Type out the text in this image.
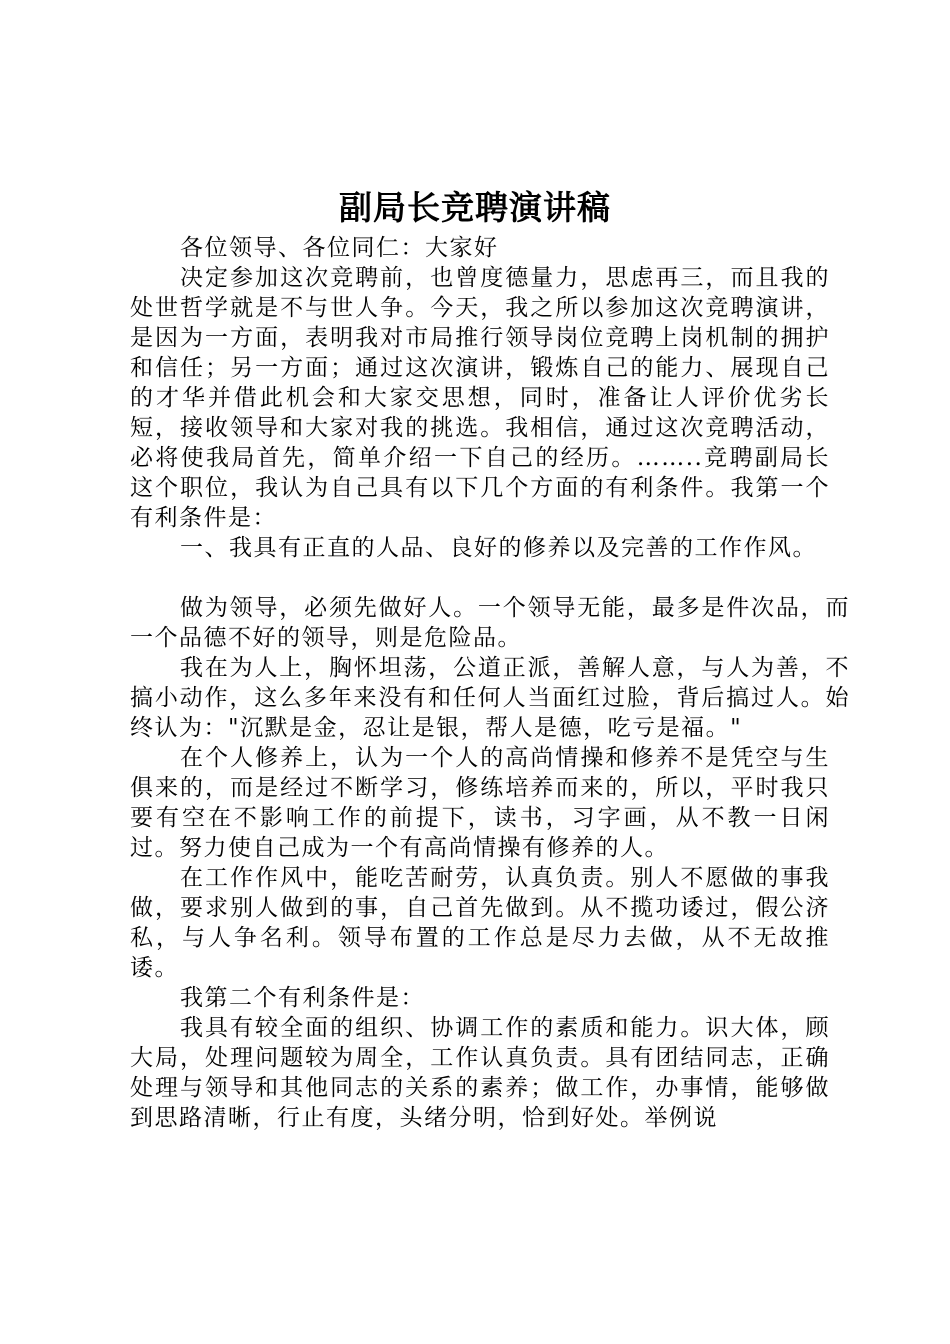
副局长竞聘演讲稿

各位领导、各位同仁：大家好

决定参加这次竞聘前，也曾度德量力，思虑再三，而且我的处世哲学就是不与世人争。今天，我之所以参加这次竞聘演讲，是因为一方面，表明我对市局推行领导岗位竞聘上岗机制的拥护和信任；另一方面；通过这次演讲，锻炼自己的能力、展现自己的才华并借此机会和大家交思想，同时，准备让人评价优劣长短，接收领导和大家对我的挑选。我相信，通过这次竞聘活动，必将使我局首先，简单介绍一下自己的经历。……..竞聘副局长这个职位，我认为自己具有以下几个方面的有利条件。我第一个有利条件是：

一、我具有正直的人品、良好的修养以及完善的工作作风。

做为领导，必须先做好人。一个领导无能，最多是件次品，而一个品德不好的领导，则是危险品。

我在为人上，胸怀坦荡，公道正派，善解人意，与人为善，不搞小动作，这么多年来没有和任何人当面红过脸，背后搞过人。始终认为："沉默是金，忍让是银，帮人是德，吃亏是福。"

在个人修养上，认为一个人的高尚情操和修养不是凭空与生俱来的，而是经过不断学习，修练培养而来的，所以，平时我只要有空在不影响工作的前提下，读书，习字画，从不教一日闲过。努力使自己成为一个有高尚情操有修养的人。

在工作作风中，能吃苦耐劳，认真负责。别人不愿做的事我做，要求别人做到的事，自己首先做到。从不揽功诿过，假公济私，与人争名利。领导布置的工作总是尽力去做，从不无故推诿。

我第二个有利条件是：

我具有较全面的组织、协调工作的素质和能力。识大体，顾大局，处理问题较为周全，工作认真负责。具有团结同志，正确处理与领导和其他同志的关系的素养；做工作，办事情，能够做到思路清晰，行止有度，头绪分明，恰到好处。举例说
